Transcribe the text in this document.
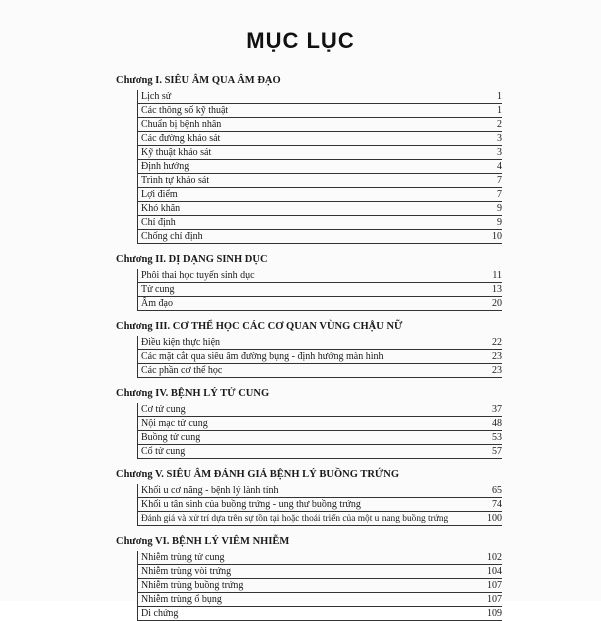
MỤC LỤC
Chương I. SIÊU ÂM QUA ÂM ĐẠO
Lịch sử	1
Các thông số kỹ thuật	1
Chuẩn bị bệnh nhân	2
Các đường khảo sát	3
Kỹ thuật khảo sát	3
Định hướng	4
Trình tự khảo sát	7
Lợi điểm	7
Khó khăn	9
Chỉ định	9
Chống chỉ định	10
Chương II. DỊ DẠNG SINH DỤC
Phôi thai học tuyến sinh dục	11
Tử cung	13
Âm đạo	20
Chương III. CƠ THỂ HỌC CÁC CƠ QUAN VÙNG CHẬU NỮ
Điều kiện thực hiện	22
Các mặt cắt qua siêu âm đường bụng - định hướng màn hình	23
Các phần cơ thể học	23
Chương IV. BỆNH LÝ TỬ CUNG
Cơ tử cung	37
Nội mạc tử cung	48
Buồng tử cung	53
Cổ tử cung	57
Chương V. SIÊU ÂM ĐÁNH GIÁ BỆNH LÝ BUỒNG TRỨNG
Khối u cơ năng - bệnh lý lành tính	65
Khối u tân sinh của buồng trứng - ung thư buồng trứng	74
Đánh giá và xử trí dựa trên sự tồn tại hoặc thoái triển của một u nang buồng trứng	100
Chương VI. BỆNH LÝ VIÊM NHIỄM
Nhiễm trùng tử cung	102
Nhiễm trùng vòi trứng	104
Nhiễm trùng buồng trứng	107
Nhiễm trùng ổ bụng	107
Di chứng	109
